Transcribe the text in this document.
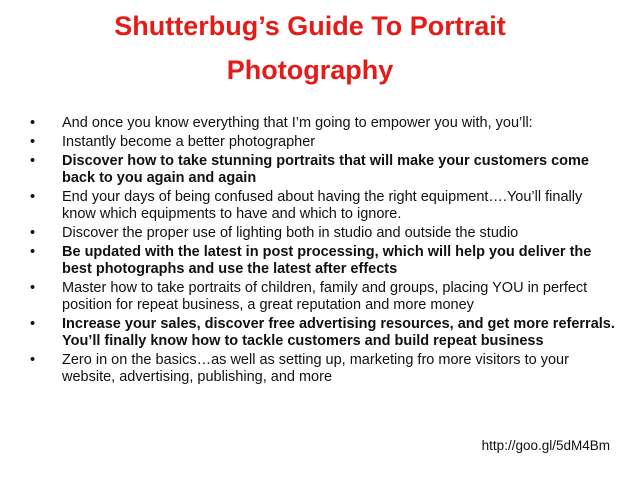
Shutterbug’s Guide To Portrait
Photography
• And once you know everything that I’m going to empower you with, you’ll:
• Instantly become a better photographer
• Discover how to take stunning portraits that will make your customers come back to you again and again
• End your days of being confused about having the right equipment….You’ll finally know which equipments to have and which to ignore.
• Discover the proper use of lighting both in studio and outside the studio
• Be updated with the latest in post processing, which will help you deliver the best photographs and use the latest after effects
• Master how to take portraits of children, family and groups, placing YOU in perfect position for repeat business, a great reputation and more money
• Increase your sales, discover free advertising resources, and get more referrals. You’ll finally know how to tackle customers and build repeat business
• Zero in on the basics…as well as setting up, marketing fro more visitors to your website, advertising, publishing, and more
http://goo.gl/5dM4Bm
